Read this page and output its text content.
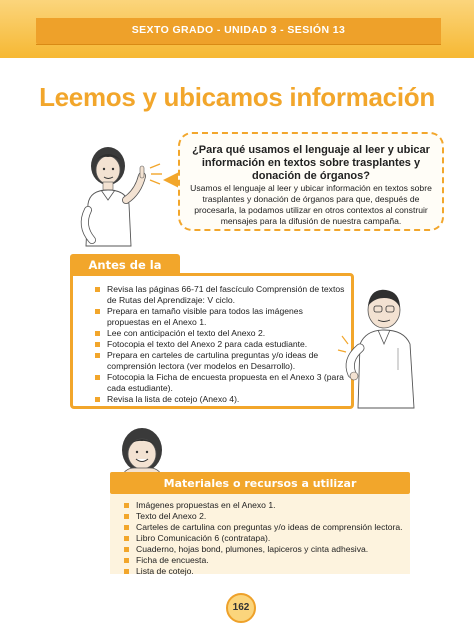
SEXTO GRADO - UNIDAD 3 - SESIÓN 13
Leemos y ubicamos información
¿Para qué usamos el lenguaje al leer y ubicar información en textos sobre trasplantes y donación de órganos?
Usamos el lenguaje al leer y ubicar información en textos sobre trasplantes y donación de órganos para que, después de procesarla, la podamos utilizar en otros contextos al construir mensajes para la difusión de nuestra campaña.
Antes de la
Revisa las páginas 66-71 del fascículo Comprensión de textos de Rutas del Aprendizaje: V ciclo.
Prepara en tamaño visible para todos las imágenes propuestas en el Anexo 1.
Lee con anticipación el texto del Anexo 2.
Fotocopia el texto del Anexo 2 para cada estudiante.
Prepara en carteles de cartulina preguntas y/o ideas de comprensión lectora (ver modelos en Desarrollo).
Fotocopia la Ficha de encuesta propuesta en el Anexo 3 (para cada estudiante).
Revisa la lista de cotejo (Anexo 4).
Materiales o recursos a utilizar
Imágenes propuestas en el Anexo 1.
Texto del Anexo 2.
Carteles de cartulina con preguntas y/o ideas de comprensión lectora.
Libro Comunicación 6 (contratapa).
Cuaderno, hojas bond, plumones, lapiceros y cinta adhesiva.
Ficha de encuesta.
Lista de cotejo.
162
